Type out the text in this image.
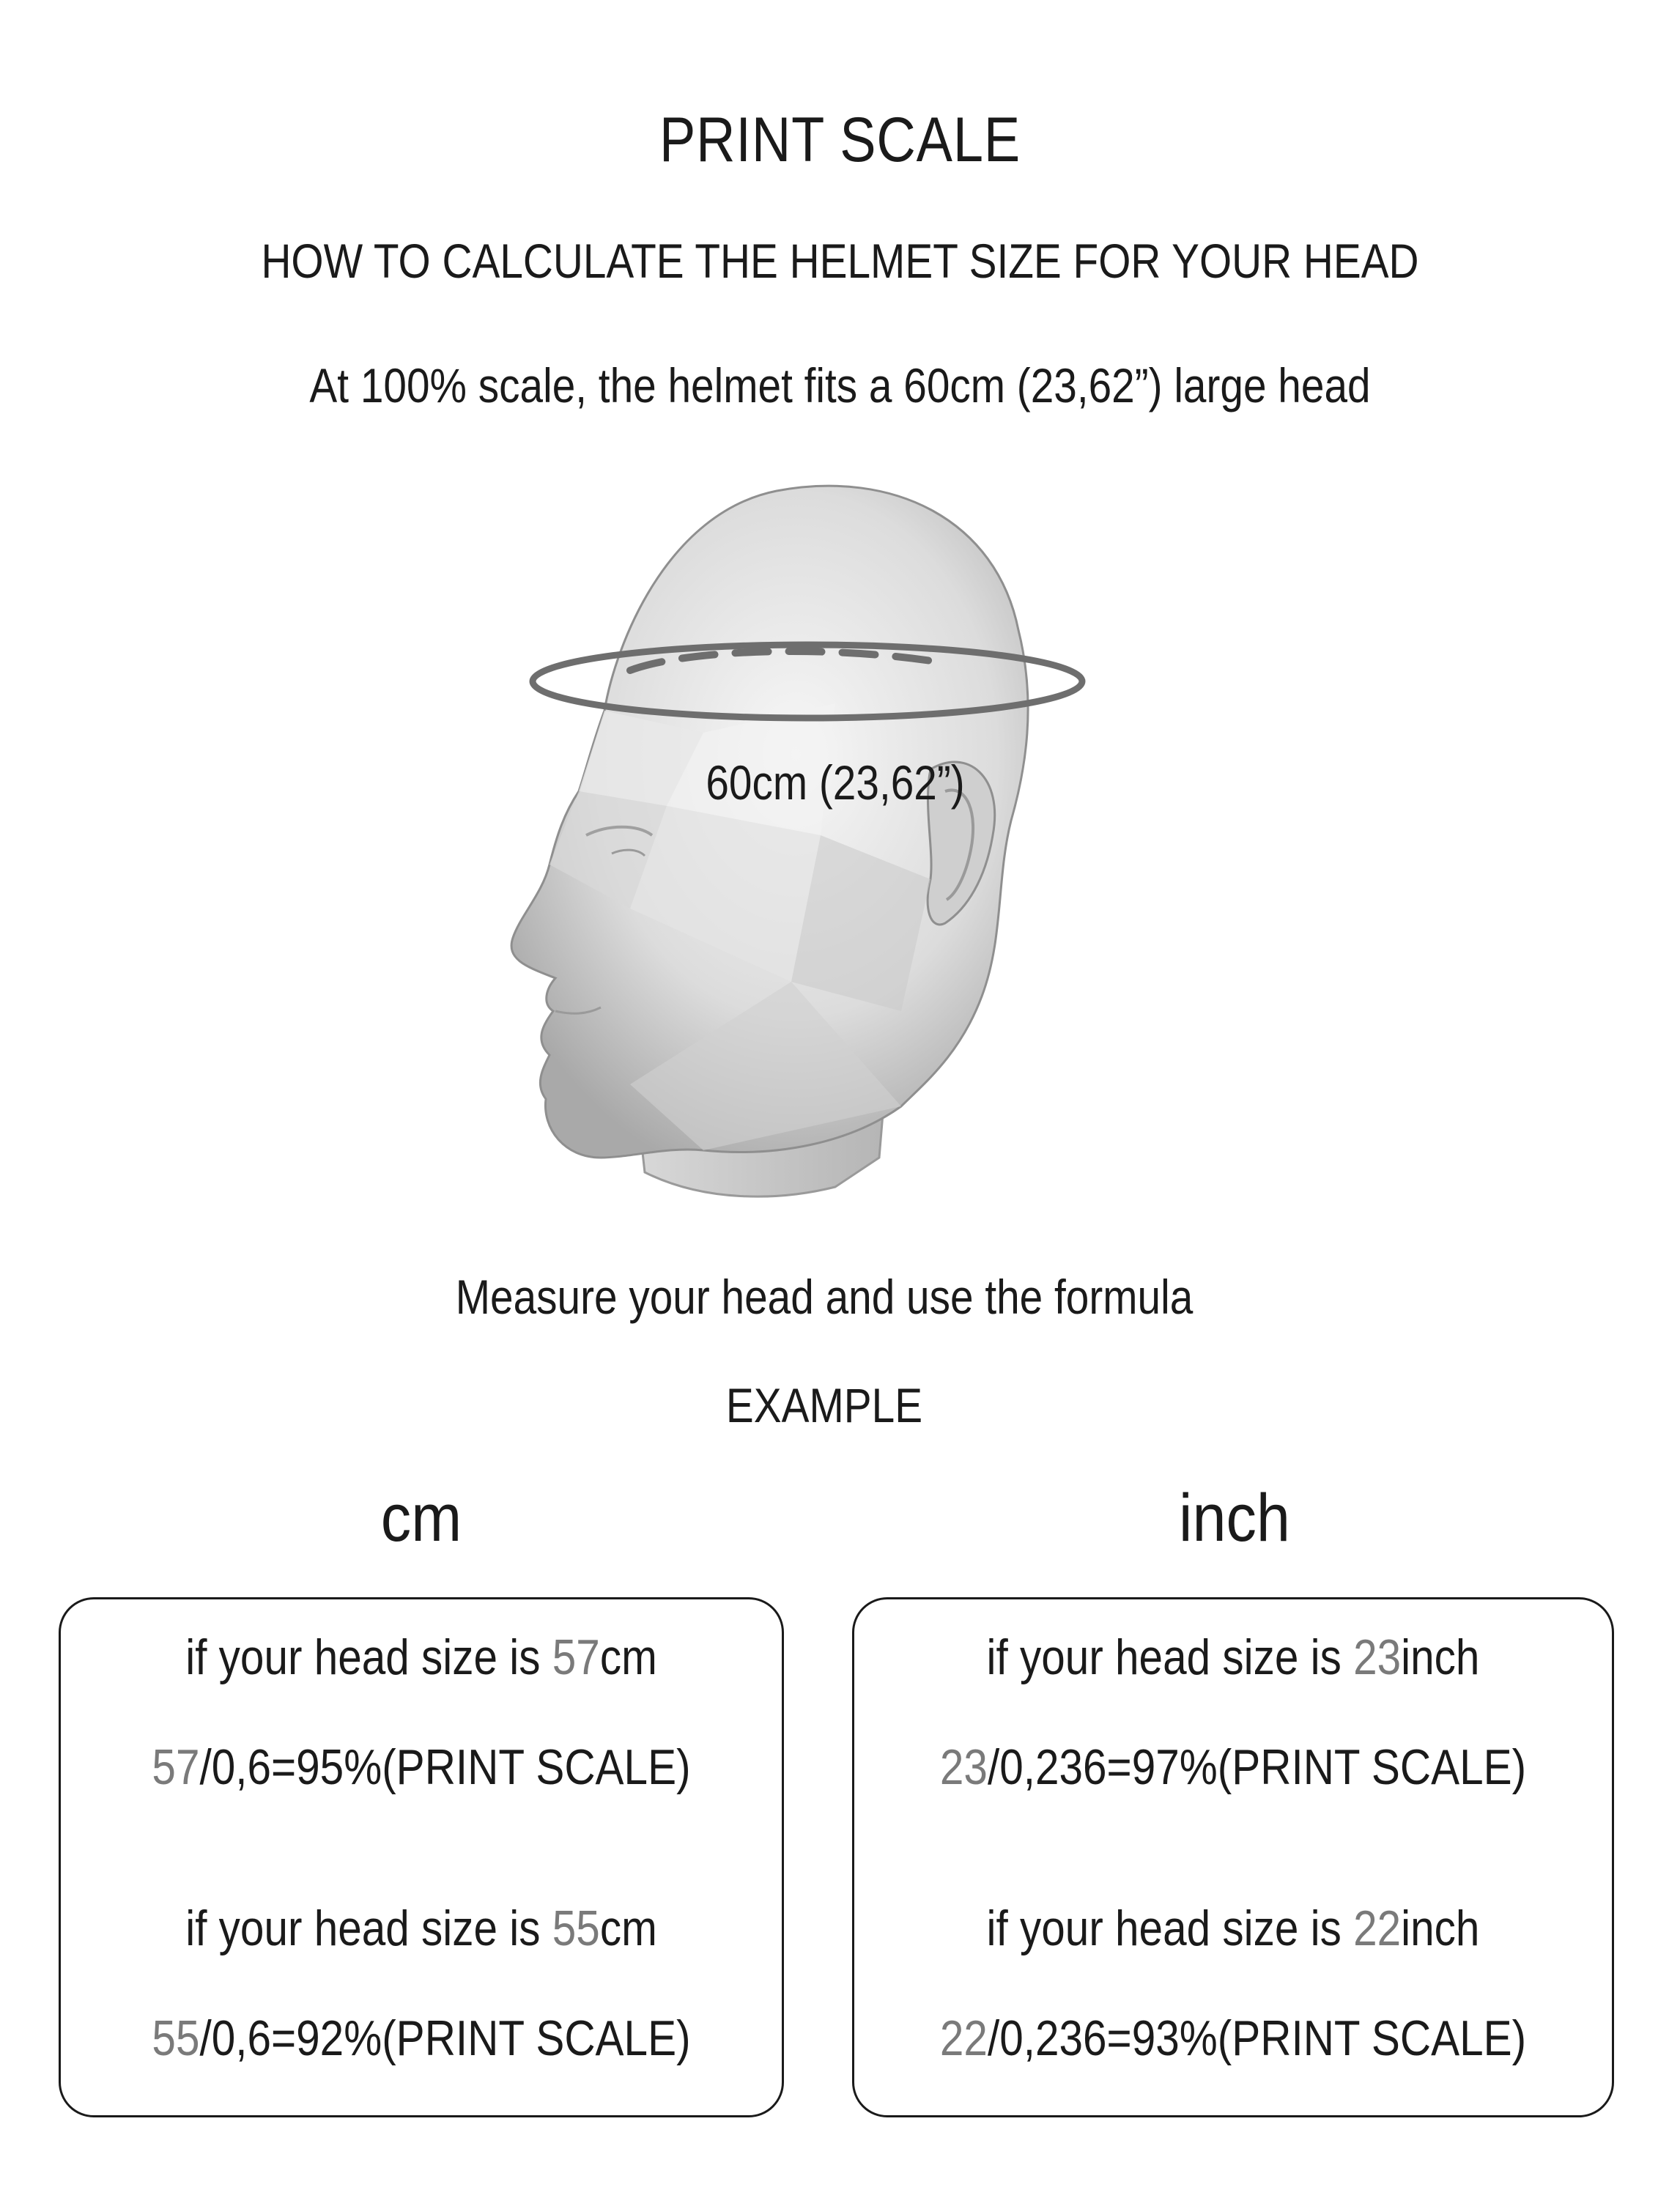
PRINT SCALE
HOW TO CALCULATE THE HELMET SIZE FOR YOUR HEAD
At 100% scale, the helmet fits a 60cm (23,62”) large head
60cm (23,62”)
Measure your head and use the formula
EXAMPLE
cm	inch
if your head size is 57cm
57/0,6=95%(PRINT SCALE)
if your head size is 55cm
55/0,6=92%(PRINT SCALE)
if your head size is 23inch
23/0,236=97%(PRINT SCALE)
if your head size is 22inch
22/0,236=93%(PRINT SCALE)
